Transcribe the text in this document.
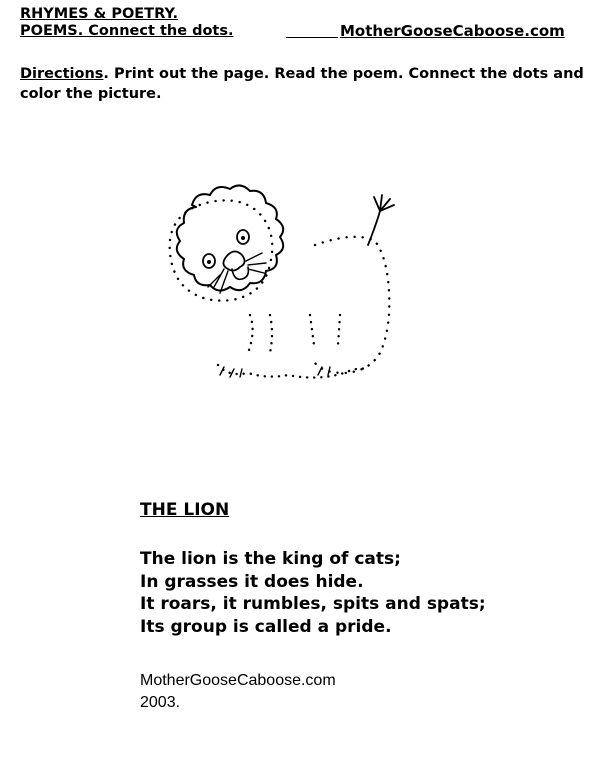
RHYMES & POETRY.
POEMS. Connect the dots.	MotherGooseCaboose.com
Directions. Print out the page. Read the poem. Connect the dots and color the picture.
THE LION
The lion is the king of cats;
In grasses it does hide.
It roars, it rumbles, spits and spats;
Its group is called a pride.
MotherGooseCaboose.com
2003.
